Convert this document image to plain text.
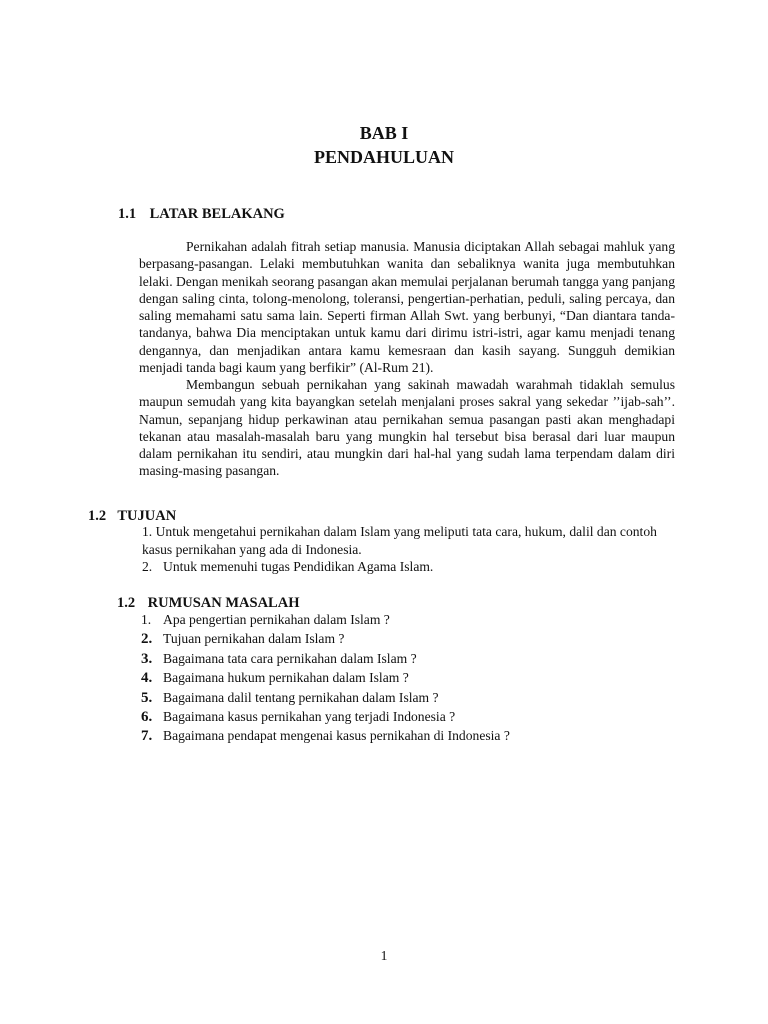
BAB I
PENDAHULUAN
1.1 LATAR BELAKANG

Pernikahan adalah fitrah setiap manusia. Manusia diciptakan Allah sebagai mahluk yang berpasang-pasangan. Lelaki membutuhkan wanita dan sebaliknya wanita juga membutuhkan lelaki. Dengan menikah seorang pasangan akan memulai perjalanan berumah tangga yang panjang dengan saling cinta, tolong-menolong, toleransi, pengertian-perhatian, peduli, saling percaya, dan saling memahami satu sama lain. Seperti firman Allah Swt. yang berbunyi, “Dan diantara tanda-tandanya, bahwa Dia menciptakan untuk kamu dari dirimu istri-istri, agar kamu menjadi tenang dengannya, dan menjadikan antara kamu kemesraan dan kasih sayang. Sungguh demikian menjadi tanda bagi kaum yang berfikir” (Al-Rum 21).

Membangun sebuah pernikahan yang sakinah mawadah warahmah tidaklah semulus maupun semudah yang kita bayangkan setelah menjalani proses sakral yang sekedar ’’ijab-sah’’. Namun, sepanjang hidup perkawinan atau pernikahan semua pasangan pasti akan menghadapi tekanan atau masalah-masalah baru yang mungkin hal tersebut bisa berasal dari luar maupun dalam pernikahan itu sendiri, atau mungkin dari hal-hal yang sudah lama terpendam dalam diri masing-masing pasangan.

1.2 TUJUAN
1. Untuk mengetahui pernikahan dalam Islam yang meliputi tata cara, hukum, dalil dan contoh kasus pernikahan yang ada di Indonesia.
2. Untuk memenuhi tugas Pendidikan Agama Islam.
1.2 RUMUSAN MASALAH
1. Apa pengertian pernikahan dalam Islam ?
2. Tujuan pernikahan dalam Islam ?
3. Bagaimana tata cara pernikahan dalam Islam ?
4. Bagaimana hukum pernikahan dalam Islam ?
5. Bagaimana dalil tentang pernikahan dalam Islam ?
6. Bagaimana kasus pernikahan yang terjadi Indonesia ?
7. Bagaimana pendapat mengenai kasus pernikahan di Indonesia ?
1
